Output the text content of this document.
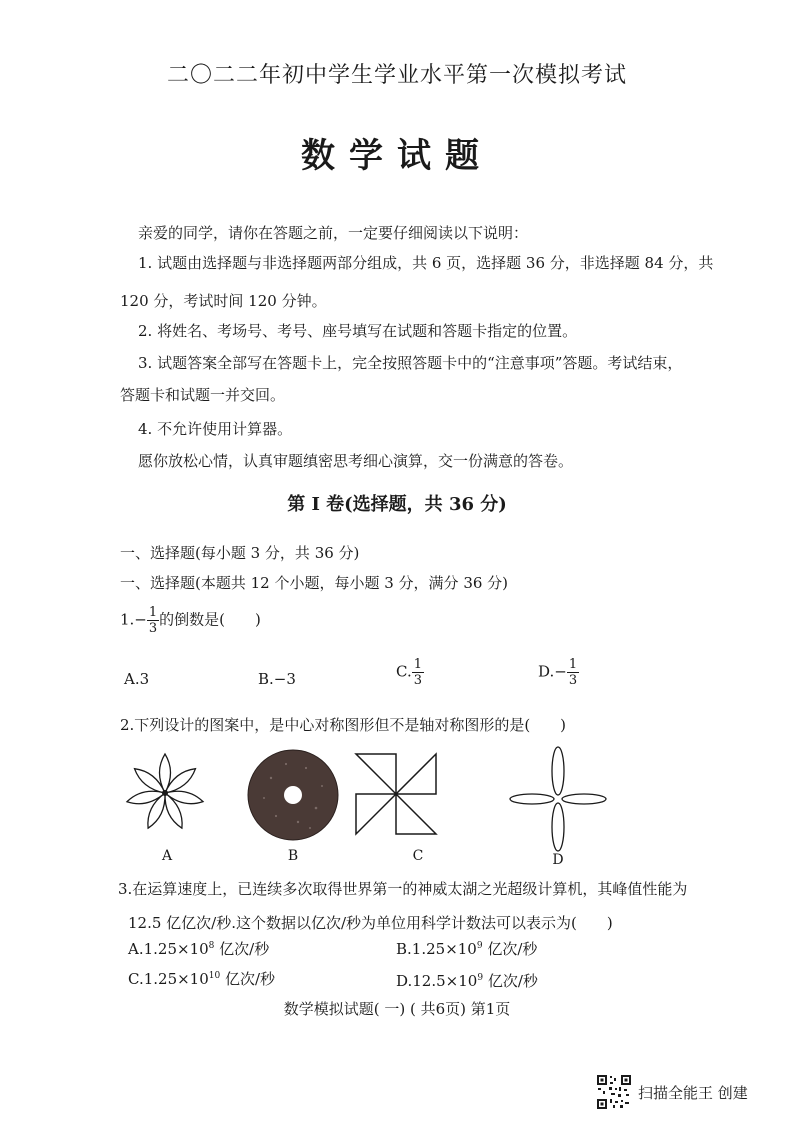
二〇二二年初中学生学业水平第一次模拟考试
数学试题
亲爱的同学，请你在答题之前，一定要仔细阅读以下说明：
1. 试题由选择题与非选择题两部分组成，共 6 页，选择题 36 分，非选择题 84 分，共
120 分，考试时间 120 分钟。
2. 将姓名、考场号、考号、座号填写在试题和答题卡指定的位置。
3. 试题答案全部写在答题卡上，完全按照答题卡中的“注意事项”答题。考试结束，
答题卡和试题一并交回。
4. 不允许使用计算器。
愿你放松心情，认真审题缜密思考细心演算，交一份满意的答卷。
第 I 卷(选择题，共 36 分)
一、选择题(每小题 3 分，共 36 分)
一、选择题(本题共 12 个小题，每小题 3 分，满分 36 分)
$1.- \frac{1}{3}$ 的倒数是(　　)
A.3	B.−3	C. $\frac{1}{3}$	$D.- \frac{1}{3}$
2.下列设计的图案中，是中心对称图形但不是轴对称图形的是(　　)
A	B	C	D
3.在运算速度上，已连续多次取得世界第一的神威太湖之光超级计算机，其峰值性能为
12.5 亿亿次/秒.这个数据以亿次/秒为单位用科学计数法可以表示为(　　)
$A.1.25\times 10^8$ 亿次/秒	$B.1.25\times 10^9$ 亿次/秒
$C.1.25\times 10^{10}$ 亿次/秒	$D.12.5\times 10^9$ 亿次/秒
数学模拟试题( 一) ( 共6页) 第1页
扫描全能王 创建
